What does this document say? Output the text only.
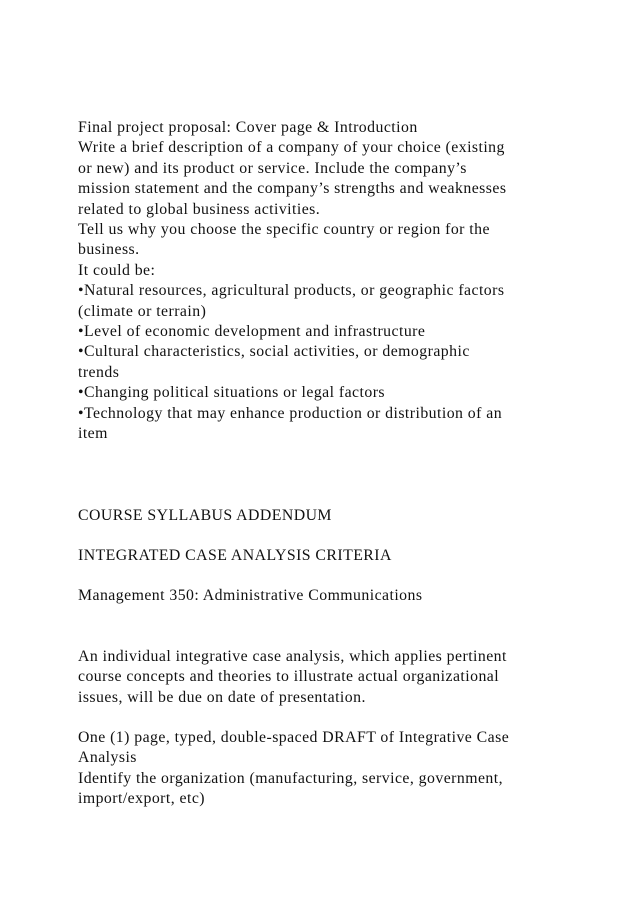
Final project proposal: Cover page & Introduction
Write a brief description of a company of your choice (existing
or new) and its product or service. Include the company’s
mission statement and the company’s strengths and weaknesses
related to global business activities.
Tell us why you choose the specific country or region for the
business.
It could be:
•Natural resources, agricultural products, or geographic factors
(climate or terrain)
•Level of economic development and infrastructure
•Cultural characteristics, social activities, or demographic
trends
•Changing political situations or legal factors
•Technology that may enhance production or distribution of an
item
COURSE SYLLABUS ADDENDUM
INTEGRATED CASE ANALYSIS CRITERIA
Management 350: Administrative Communications
An individual integrative case analysis, which applies pertinent
course concepts and theories to illustrate actual organizational
issues, will be due on date of presentation.
One (1) page, typed, double-spaced DRAFT of Integrative Case
Analysis
Identify the organization (manufacturing, service, government,
import/export, etc)
